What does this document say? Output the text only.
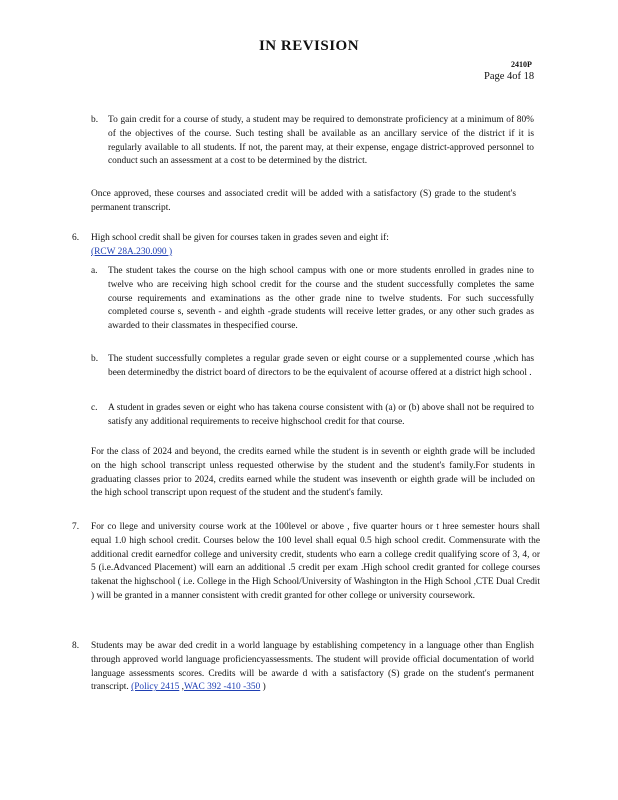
IN REVISION
2410P
Page 4of 18
b. To gain credit for a course of study, a student may be required to demonstrate proficiency at a minimum of 80% of the objectives of the course. Such testing shall be available as an ancillary service of the district if it is regularly available to all students. If not, the parent may, at their expense, engage district-approved personnel to conduct such an assessment at a cost to be determined by the district.
Once approved, these courses and associated credit will be added with a satisfactory (S) grade to the student's permanent transcript.
6. High school credit shall be given for courses taken in grades seven and eight if:
(RCW 28A.230.090 )
a. The student takes the course on the high school campus with one or more students enrolled in grades nine to twelve who are receiving high school credit for the course and the student successfully completes the same course requirements and examinations as the other grade nine to twelve students. For such successfully completed course s, seventh - and eighth -grade students will receive letter grades, or any other such grades as awarded to their classmates in thespecified course.
b. The student successfully completes a regular grade seven or eight course or a supplemented course ,which has been determinedby the district board of directors to be the equivalent of acourse offered at a district high school .
c. A student in grades seven or eight who has takena course consistent with (a) or (b) above shall not be required to satisfy any additional requirements to receive highschool credit for that course.
For the class of 2024 and beyond, the credits earned while the student is in seventh or eighth grade will be included on the high school transcript unless requested otherwise by the student and the student's family.For students in graduating classes prior to 2024, credits earned while the student was inseventh or eighth grade will be included on the high school transcript upon request of the student and the student's family.
7. For co llege and university course work at the 100level or above , five quarter hours or t hree semester hours shall equal 1.0 high school credit. Courses below the 100 level shall equal 0.5 high school credit. Commensurate with the additional credit earnedfor college and university credit, students who earn a college credit qualifying score of 3, 4, or 5 (i.e.Advanced Placement) will earn an additional .5 credit per exam .High school credit granted for college courses takenat the highschool ( i.e. College in the High School/University of Washington in the High School ,CTE Dual Credit ) will be granted in a manner consistent with credit granted for other college or university coursework.
8. Students may be awar ded credit in a world language by establishing competency in a language other than English through approved world language proficiencyassessments. The student will provide official documentation of world language assessments scores. Credits will be awarde d with a satisfactory (S) grade on the student's permanent transcript. (Policy 2415 ,WAC 392 -410 -350 )
